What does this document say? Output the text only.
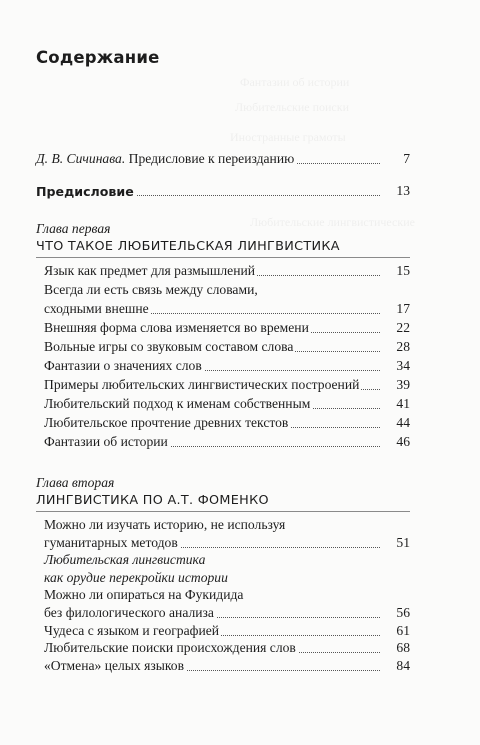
Фантазии об истории
Любительские поиски
Иностранные грамоты
Любительские лингвистические
Содержание
Д. В. Сичинава. Предисловие к переизданию	7
Предисловие	13
Глава первая
ЧТО ТАКОЕ ЛЮБИТЕЛЬСКАЯ ЛИНГВИСТИКА
Язык как предмет для размышлений	15
Всегда ли есть связь между словами,
сходными внешне	17
Внешняя форма слова изменяется во времени	22
Вольные игры со звуковым составом слова	28
Фантазии о значениях слов	34
Примеры любительских лингвистических построений	39
Любительский подход к именам собственным	41
Любительское прочтение древних текстов	44
Фантазии об истории	46
Глава вторая
ЛИНГВИСТИКА ПО А.Т. ФОМЕНКО
Можно ли изучать историю, не используя
гуманитарных методов	51
Любительская лингвистика
как орудие перекройки истории
Можно ли опираться на Фукидида
без филологического анализа	56
Чудеса с языком и географией	61
Любительские поиски происхождения слов	68
«Отмена» целых языков	84
